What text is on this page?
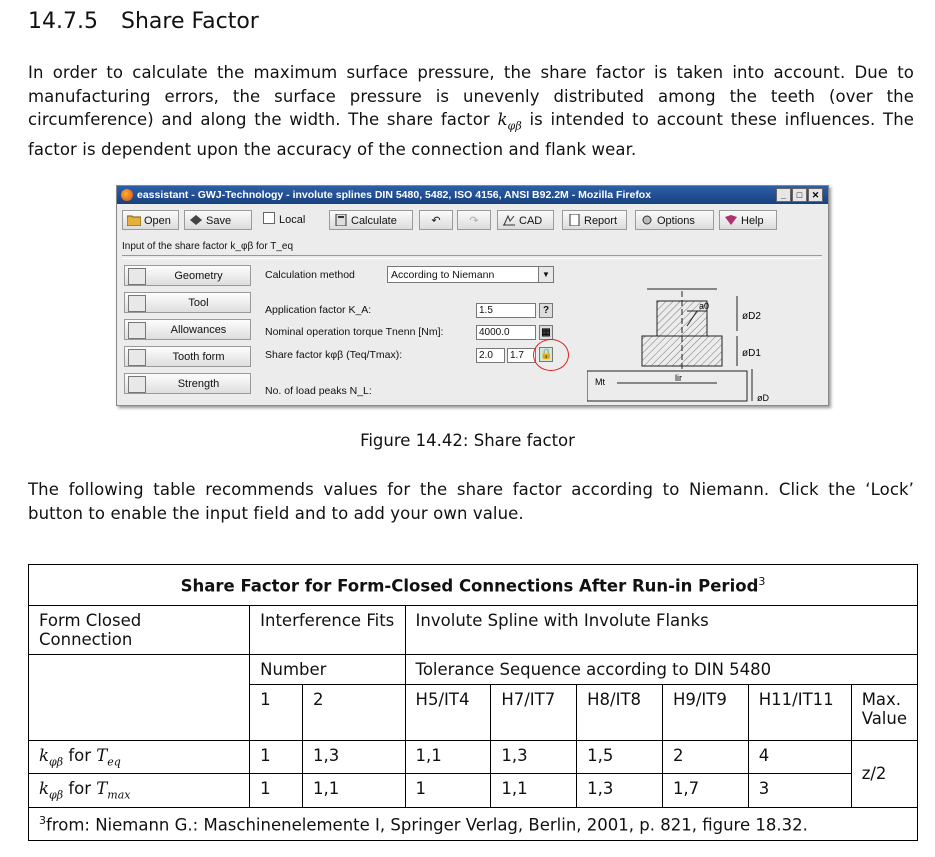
14.7.5 Share Factor
In order to calculate the maximum surface pressure, the share factor is taken into account. Due to manufacturing errors, the surface pressure is unevenly distributed among the teeth (over the circumference) and along the width. The share factor $k_{\varphi\beta}$ is intended to account these influences. The factor is dependent upon the accuracy of the connection and flank wear.
eassistant - GWJ-Technology - involute splines DIN 5480, 5482, ISO 4156, ANSI B92.2M - Mozilla Firefox	_ □ ✕
Open	Save	Local	Calculate	↶	↷	CAD	Report	Options	Help
Input of the share factor k_φβ for T_eq
Geometry
Tool
Allowances
Tooth form
Strength
Calculation method	According to Niemann	▼
Application factor K_A:	1.5	?
Nominal operation torque Tnenn [Nm]:	4000.0	▦
Share factor kφβ (Teq/Tmax):	2.0	1.7	🔒
No. of load peaks N_L:
a0
øD2
øD1
lir
Mt
øD
Figure 14.42: Share factor
The following table recommends values for the share factor according to Niemann. Click the ‘Lock’ button to enable the input field and to add your own value.
Share Factor for Form-Closed Connections After Run-in Period$^3$
Form Closed Connection	Interference Fits		Involute Spline with Involute Flanks					
	Number		Tolerance Sequence according to DIN 5480					
	1	2	H5/IT4	H7/IT7	H8/IT8	H9/IT9	H11/IT11	Max. Value
$k_{\varphi\beta}$ for $T_{eq}$	1	1,3	1,1	1,3	1,5	2	4	z/2
$k_{\varphi\beta}$ for $T_{max}$	1	1,1	1	1,1	1,3	1,7	3	
$^3$from: Niemann G.: Maschinenelemente I, Springer Verlag, Berlin, 2001, p. 821, figure 18.32.								
